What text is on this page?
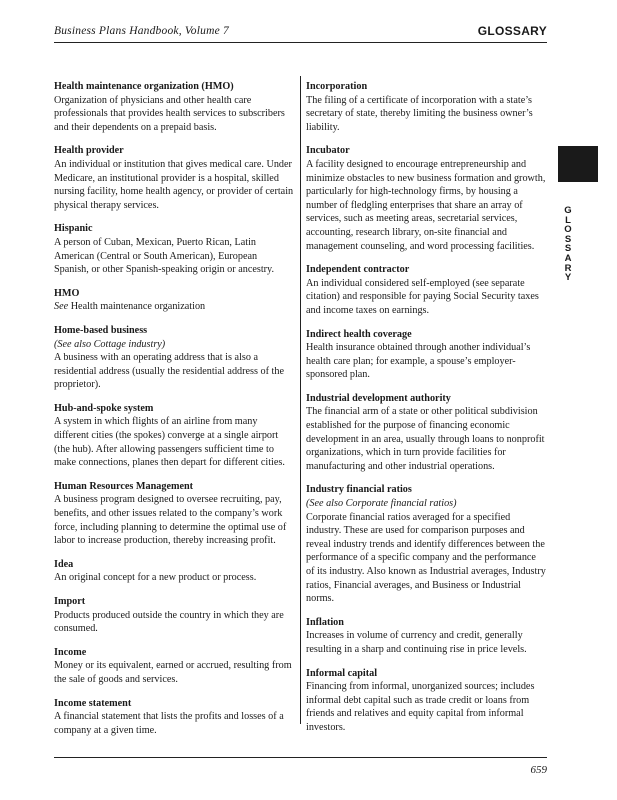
Business Plans Handbook, Volume 7	GLOSSARY
Health maintenance organization (HMO)
Organization of physicians and other health care professionals that provides health services to subscribers and their dependents on a prepaid basis.
Health provider
An individual or institution that gives medical care. Under Medicare, an institutional provider is a hospital, skilled nursing facility, home health agency, or provider of certain physical therapy services.
Hispanic
A person of Cuban, Mexican, Puerto Rican, Latin American (Central or South American), European Spanish, or other Spanish-speaking origin or ancestry.
HMO
See Health maintenance organization
Home-based business
(See also Cottage industry)
A business with an operating address that is also a residential address (usually the residential address of the proprietor).
Hub-and-spoke system
A system in which flights of an airline from many different cities (the spokes) converge at a single airport (the hub). After allowing passengers sufficient time to make connections, planes then depart for different cities.
Human Resources Management
A business program designed to oversee recruiting, pay, benefits, and other issues related to the company’s work force, including planning to determine the optimal use of labor to increase production, thereby increasing profit.
Idea
An original concept for a new product or process.
Import
Products produced outside the country in which they are consumed.
Income
Money or its equivalent, earned or accrued, resulting from the sale of goods and services.
Income statement
A financial statement that lists the profits and losses of a company at a given time.
Incorporation
The filing of a certificate of incorporation with a state’s secretary of state, thereby limiting the business owner’s liability.
Incubator
A facility designed to encourage entrepreneurship and minimize obstacles to new business formation and growth, particularly for high-technology firms, by housing a number of fledgling enterprises that share an array of services, such as meeting areas, secretarial services, accounting, research library, on-site financial and management counseling, and word processing facilities.
Independent contractor
An individual considered self-employed (see separate citation) and responsible for paying Social Security taxes and income taxes on earnings.
Indirect health coverage
Health insurance obtained through another individual’s health care plan; for example, a spouse’s employer-sponsored plan.
Industrial development authority
The financial arm of a state or other political subdivision established for the purpose of financing economic development in an area, usually through loans to nonprofit organizations, which in turn provide facilities for manufacturing and other industrial operations.
Industry financial ratios
(See also Corporate financial ratios)
Corporate financial ratios averaged for a specified industry. These are used for comparison purposes and reveal industry trends and identify differences between the performance of a specific company and the performance of its industry. Also known as Industrial averages, Industry ratios, Financial averages, and Business or Industrial norms.
Inflation
Increases in volume of currency and credit, generally resulting in a sharp and continuing rise in price levels.
Informal capital
Financing from informal, unorganized sources; includes informal debt capital such as trade credit or loans from friends and relatives and equity capital from informal investors.
G
L
O
S
S
A
R
Y
659
